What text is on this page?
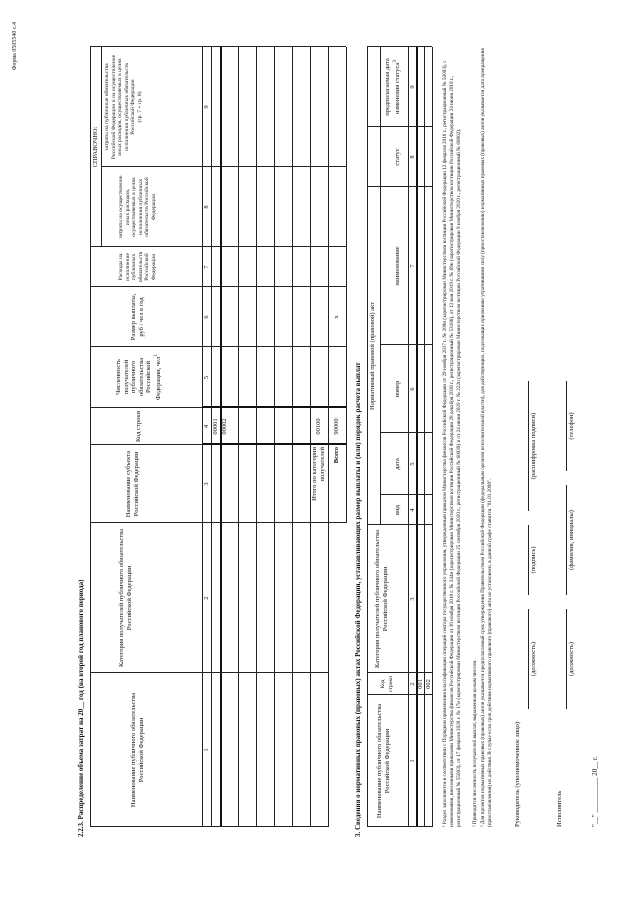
Форма 0505540 с.4
2.2.3. Распределение объема затрат на 20__ год (на второй год планового периода)	Наименование публичного обязательства Российской Федерации
Категория получателей публичного обязательства Российской Федерации
Наименование субъекта Российской Федерации
Код строки
Численность получателей публичного обязательства Российской Федерации, чел$^1$
Размер выплаты, руб / чел в год
Расходы на исполнение публичных обязательств Российской Федерации
СПРАВОЧНО:
затраты на осуществление иных расходов, осуществляемых в целях исполнения публичных обязательств Российской Федерации
затраты на публичные обязательства Российской Федерации и на осуществление иных расходов, осуществляемых в целях исполнения публичных обязательств Российской Федерации
(гр. 7 + гр. 8)
1
2
3
4
5
6
7
8
9
00001 00002
Итого по категории получателей
00100
Всего
90000
x
3. Сведения о нормативных правовых (правовых) актах Российской Федерации, устанавливающих размер выплаты и (или) порядок расчета выплат Наименование публичного обязательства Российской Федерации
Код строки
Категория получателей публичного обязательства Российской Федерации
Нормативный правовой (правовой) акт
вид
дата
номер
наименование
статус
предполагаемая дата изменения статуса$^3$
1
2
3
4
5
6
7
8
9
001 002 ¹ Раздел заполняется в соответствии с Порядком применения классификации операций сектора государственного управления, утвержденным приказом Министерства финансов Российской Федерации от 29 ноября 2017 г. № 209н (зарегистрирован Министерством юстиции Российской Федерации 12 февраля 2018 г., регистрационный № 50003), с изменениями, внесенными приказами Министерства финансов Российской Федерации от 30 ноября 2018 г. № 244н (зарегистрирован Министерством юстиции Российской Федерации 28 декабря 2018 г., регистрационный № 53188), от 13 мая 2019 г. № 69н (зарегистрирован Министерством юстиции Российской Федерации 24 июня 2019 г., регистрационный № 55003), от 17 февраля 2020 г. № 17н (зарегистрирован Министерством юстиции Российской Федерации 25 сентября 2020 г., регистрационный № 60039) и от 24 июня 2020 г. № 222н (зарегистрирован Министерством юстиции Российской Федерации 9 ноября 2020 г., регистрационный № 60802). ² Приводится численность получателей выплат, выраженная целым числом. ³ Для проектов нормативных правовых (правовых) актов указывается предполагаемый срок утверждения Правительством Российской Федерации (федеральным органом исполнительной власти), для действующих, подлежащих признанию утратившими силу (приостановлению) нормативных правовых (правовых) актов указывается дата прекращения (приостановления) их действия. В случае если срок действия нормативного правового (правового) акта не установлен, в данной графе ставится "01.01.2099".	Руководитель (уполномоченное лицо)
(должность)
(подпись)
(расшифровка подписи)
Исполнитель
(должность)
(фамилия, инициалы)
(телефон)
"__" __________ 20__ г.
